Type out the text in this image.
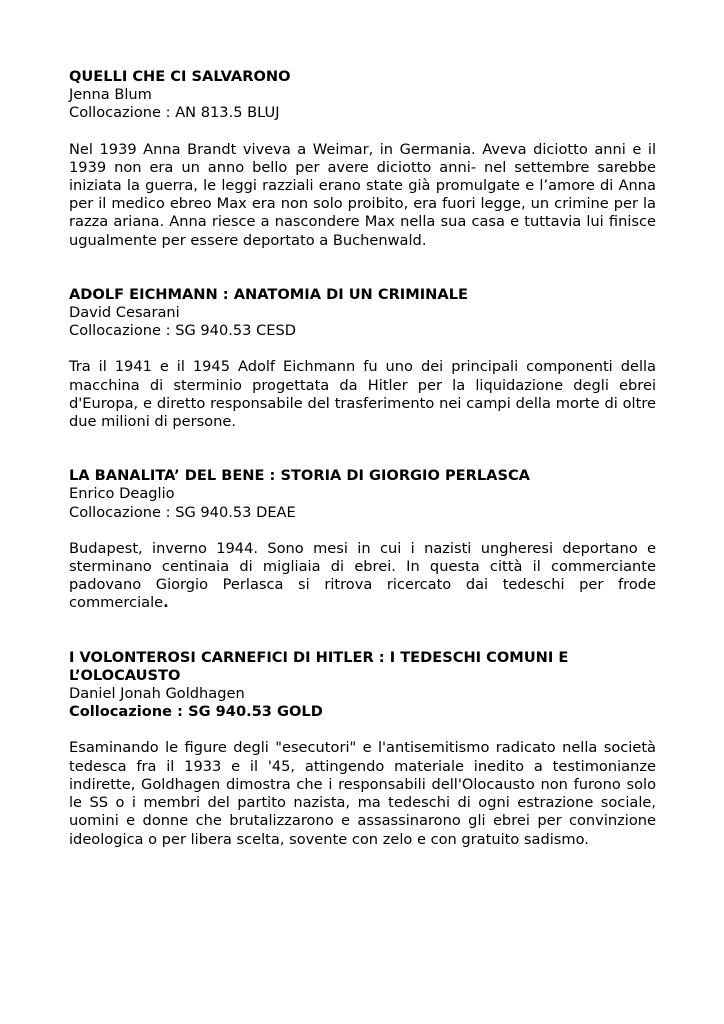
QUELLI CHE CI SALVARONO

Jenna Blum

Collocazione : AN 813.5 BLUJ

Nel 1939 Anna Brandt viveva a Weimar, in Germania. Aveva diciotto anni e il 1939 non era un anno bello per avere diciotto anni- nel settembre sarebbe iniziata la guerra, le leggi razziali erano state già promulgate e l’amore di Anna per il medico ebreo Max era non solo proibito, era fuori legge, un crimine per la razza ariana. Anna riesce a nascondere Max nella sua casa e tuttavia lui finisce ugualmente per essere deportato a Buchenwald.

ADOLF EICHMANN : ANATOMIA DI UN CRIMINALE

David Cesarani

Collocazione : SG 940.53 CESD

Tra il 1941 e il 1945 Adolf Eichmann fu uno dei principali componenti della macchina di sterminio progettata da Hitler per la liquidazione degli ebrei d'Europa, e diretto responsabile del trasferimento nei campi della morte di oltre due milioni di persone.

LA BANALITA’ DEL BENE : STORIA DI GIORGIO PERLASCA

Enrico Deaglio

Collocazione : SG 940.53 DEAE

Budapest, inverno 1944. Sono mesi in cui i nazisti ungheresi deportano e sterminano centinaia di migliaia di ebrei. In questa città il commerciante padovano Giorgio Perlasca si ritrova ricercato dai tedeschi per frode commerciale.

I VOLONTEROSI CARNEFICI DI HITLER : I TEDESCHI COMUNI E

L’OLOCAUSTO

Daniel Jonah Goldhagen

Collocazione : SG 940.53 GOLD

Esaminando le figure degli "esecutori" e l'antisemitismo radicato nella società tedesca fra il 1933 e il '45, attingendo materiale inedito a testimonianze indirette, Goldhagen dimostra che i responsabili dell'Olocausto non furono solo le SS o i membri del partito nazista, ma tedeschi di ogni estrazione sociale, uomini e donne che brutalizzarono e assassinarono gli ebrei per convinzione ideologica o per libera scelta, sovente con zelo e con gratuito sadismo.
